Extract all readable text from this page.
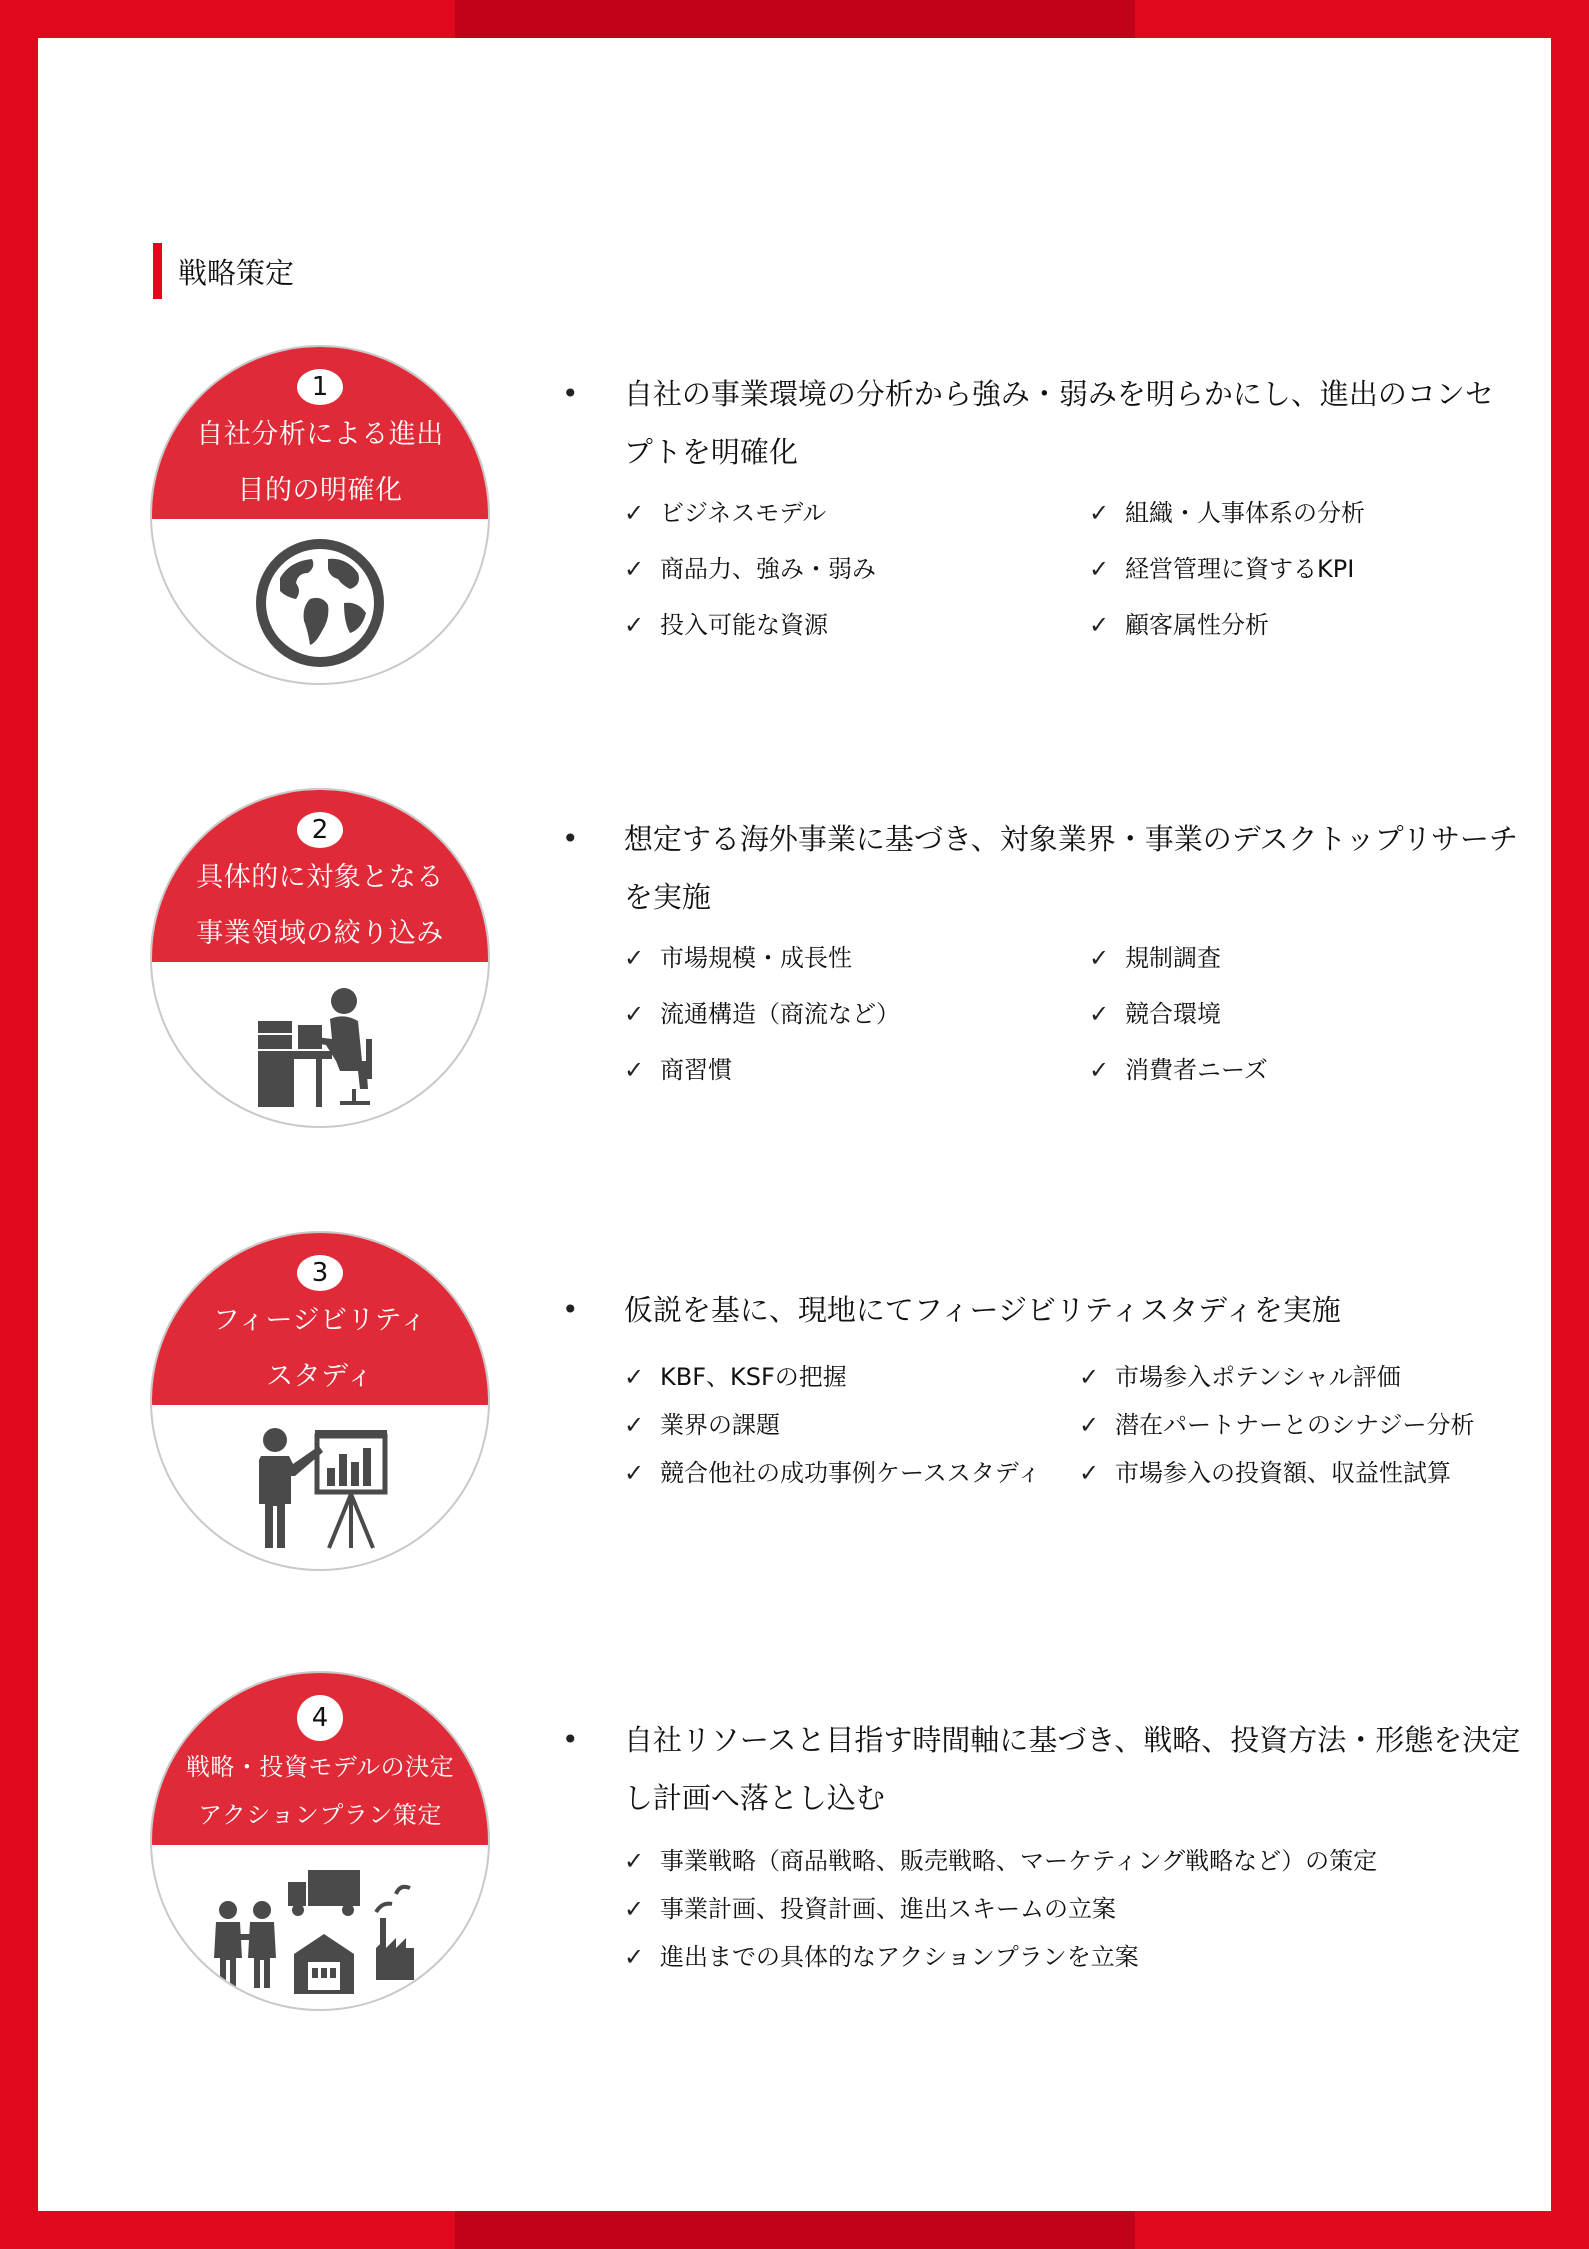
戦略策定
1
自社分析による進出
目的の明確化
•	自社の事業環境の分析から強み・弱みを明らかにし、進出のコンセプトを明確化
✓ ビジネスモデル	✓ 組織・人事体系の分析
✓ 商品力、強み・弱み	✓ 経営管理に資するKPI
✓ 投入可能な資源	✓ 顧客属性分析
2
具体的に対象となる
事業領域の絞り込み
•	想定する海外事業に基づき、対象業界・事業のデスクトップリサーチを実施
✓ 市場規模・成長性	✓ 規制調査
✓ 流通構造（商流など）	✓ 競合環境
✓ 商習慣	✓ 消費者ニーズ
3
フィージビリティ
スタディ
•	仮説を基に、現地にてフィージビリティスタディを実施
✓ KBF、KSFの把握	✓ 市場参入ポテンシャル評価
✓ 業界の課題	✓ 潜在パートナーとのシナジー分析
✓ 競合他社の成功事例ケーススタディ ✓ 市場参入の投資額、収益性試算
4
戦略・投資モデルの決定
アクションプラン策定
•	自社リソースと目指す時間軸に基づき、戦略、投資方法・形態を決定し計画へ落とし込む
✓ 事業戦略（商品戦略、販売戦略、マーケティング戦略など）の策定
✓ 事業計画、投資計画、進出スキームの立案
✓ 進出までの具体的なアクションプランを立案
